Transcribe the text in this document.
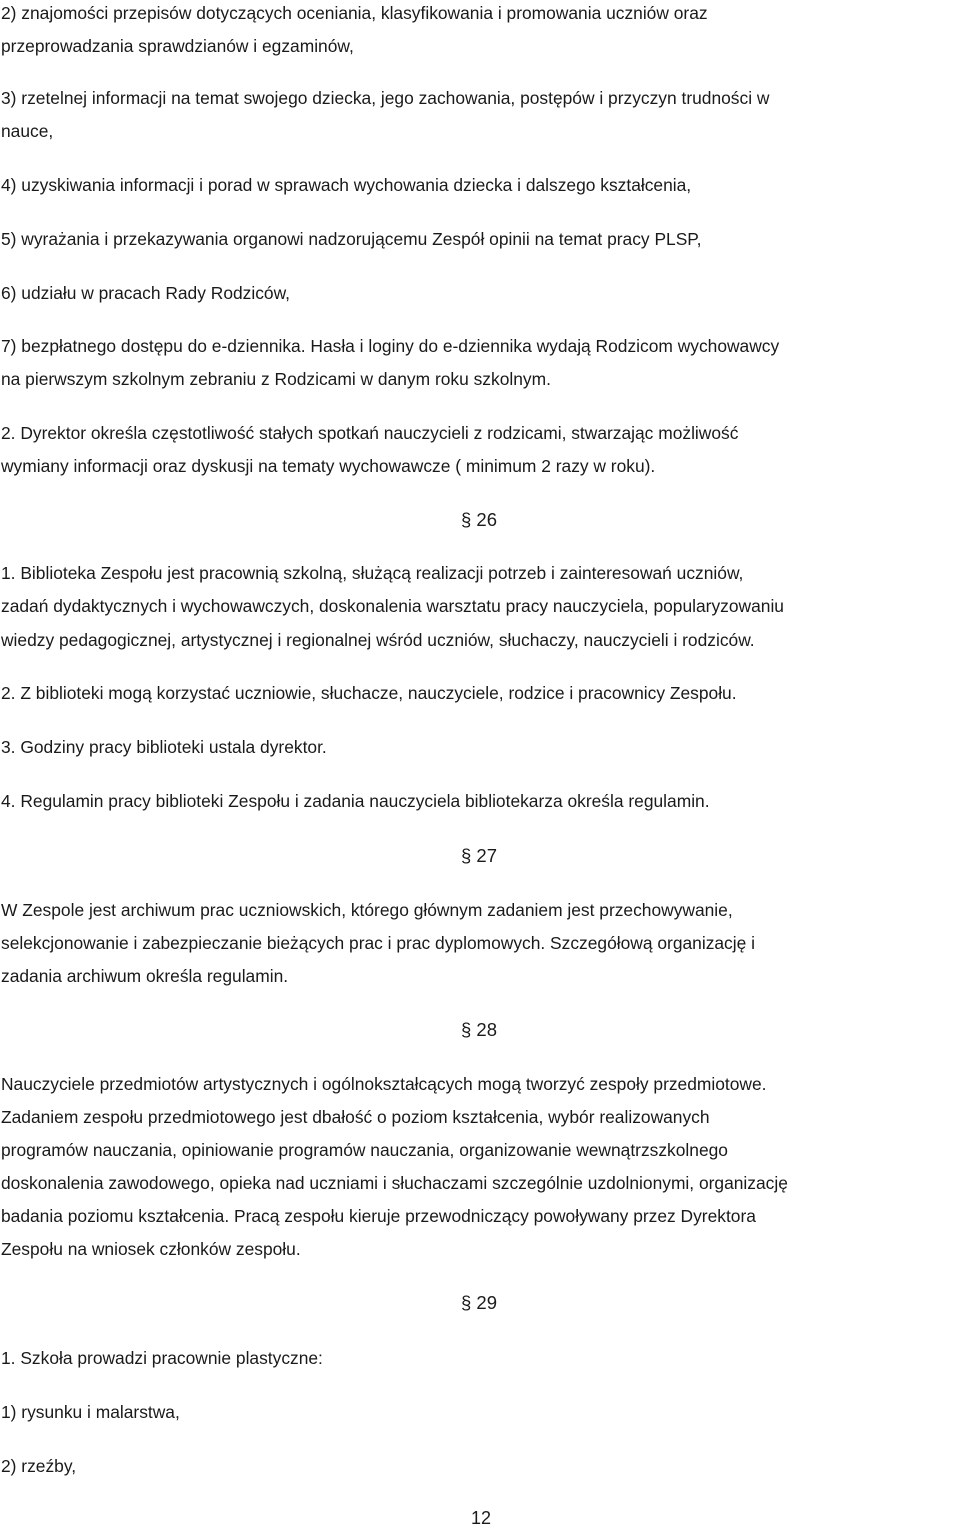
2) znajomości przepisów dotyczących oceniania, klasyfikowania i promowania uczniów oraz

przeprowadzania sprawdzianów i egzaminów,

3) rzetelnej informacji na temat swojego dziecka, jego zachowania, postępów i przyczyn trudności w

nauce,

4) uzyskiwania informacji i porad w sprawach wychowania dziecka i dalszego kształcenia,

5) wyrażania i przekazywania organowi nadzorującemu Zespół opinii na temat pracy PLSP,

6) udziału w pracach Rady Rodziców,

7) bezpłatnego dostępu do e-dziennika. Hasła i loginy do e-dziennika wydają Rodzicom wychowawcy

na pierwszym szkolnym zebraniu z Rodzicami w danym roku szkolnym.

2. Dyrektor określa częstotliwość stałych spotkań nauczycieli z rodzicami, stwarzając możliwość

wymiany informacji oraz dyskusji na tematy wychowawcze ( minimum 2 razy w roku).

§ 26

1. Biblioteka Zespołu jest pracownią szkolną, służącą realizacji potrzeb i zainteresowań uczniów,

zadań dydaktycznych i wychowawczych, doskonalenia warsztatu pracy nauczyciela, popularyzowaniu

wiedzy pedagogicznej, artystycznej i regionalnej wśród uczniów, słuchaczy, nauczycieli i rodziców.

2. Z biblioteki mogą korzystać uczniowie, słuchacze, nauczyciele, rodzice i pracownicy Zespołu.

3. Godziny pracy biblioteki ustala dyrektor.

4. Regulamin pracy biblioteki Zespołu i zadania nauczyciela bibliotekarza określa regulamin.

§ 27

W Zespole jest archiwum prac uczniowskich, którego głównym zadaniem jest przechowywanie,

selekcjonowanie i zabezpieczanie bieżących prac i prac dyplomowych. Szczegółową organizację i

zadania archiwum określa regulamin.

§ 28

Nauczyciele przedmiotów artystycznych i ogólnokształcących mogą tworzyć zespoły przedmiotowe.

Zadaniem zespołu przedmiotowego jest dbałość o poziom kształcenia, wybór realizowanych

programów nauczania, opiniowanie programów nauczania, organizowanie wewnątrzszkolnego

doskonalenia zawodowego, opieka nad uczniami i słuchaczami szczególnie uzdolnionymi, organizację

badania poziomu kształcenia. Pracą zespołu kieruje przewodniczący powoływany przez Dyrektora

Zespołu na wniosek członków zespołu.

§ 29

1. Szkoła prowadzi pracownie plastyczne:

1) rysunku i malarstwa,

2) rzeźby,

12
